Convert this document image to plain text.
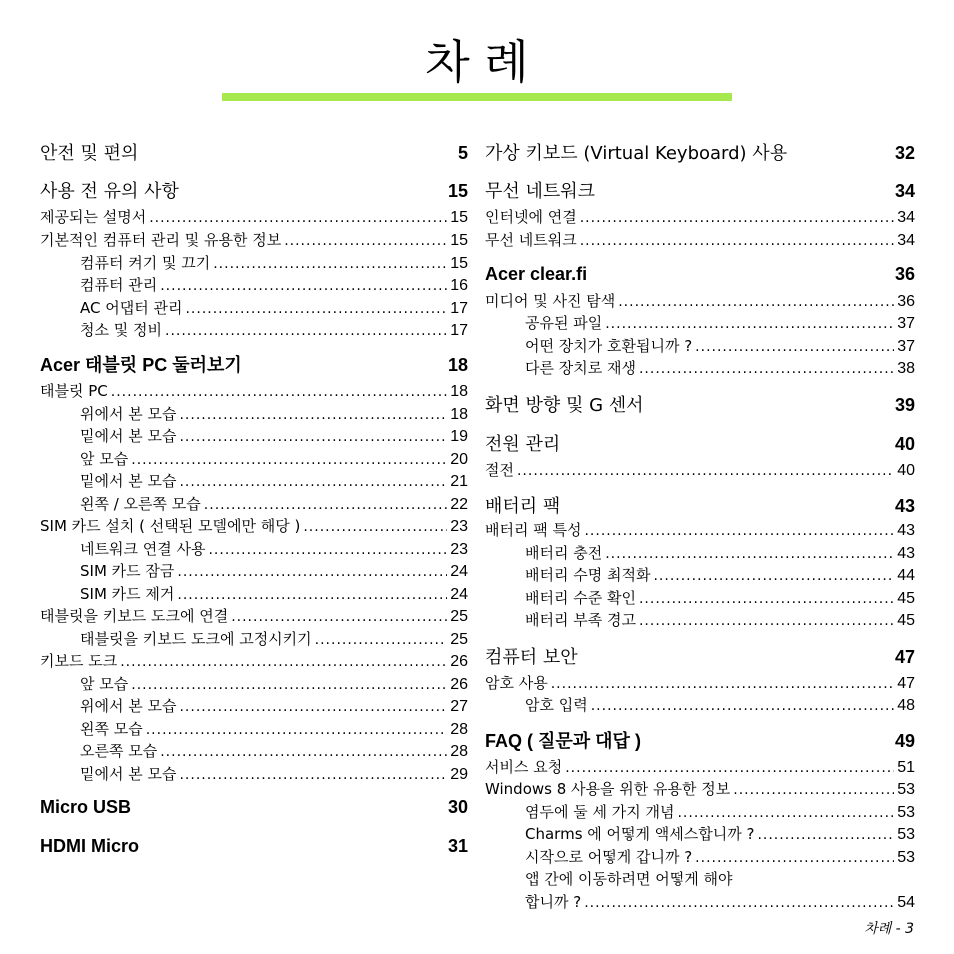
차 례
안전 및 편의	5
사용 전 유의 사항	15
제공되는 설명서 .....	15
기본적인 컴퓨터 관리 및 유용한 정보 .....	15
컴퓨터 켜기 및 끄기 .....	15
컴퓨터 관리 .....	16
AC 어댑터 관리 .....	17
청소 및 정비 .....	17
Acer 태블릿 PC 둘러보기	18
태블릿 PC .....	18
위에서 본 모습 .....	18
밑에서 본 모습 .....	19
앞 모습 .....	20
밑에서 본 모습 .....	21
왼쪽 / 오른쪽 모습 .....	22
SIM 카드 설치 ( 선택된 모델에만 해당 ) .....	23
네트워크 연결 사용 .....	23
SIM 카드 잠금 .....	24
SIM 카드 제거 .....	24
태블릿을 키보드 도크에 연결 .....	25
태블릿을 키보드 도크에 고정시키기 .....	25
키보드 도크 .....	26
앞 모습 .....	26
위에서 본 모습 .....	27
왼쪽 모습 .....	28
오른쪽 모습 .....	28
밑에서 본 모습 .....	29
Micro USB	30
HDMI Micro	31
가상 키보드 (Virtual Keyboard) 사용	32
무선 네트워크	34
인터넷에 연결 .....	34
무선 네트워크 .....	34
Acer clear.fi	36
미디어 및 사진 탐색 .....	36
공유된 파일 .....	37
어떤 장치가 호환됩니까 ? .....	37
다른 장치로 재생 .....	38
화면 방향 및 G 센서	39
전원 관리	40
절전 .....	40
배터리 팩	43
배터리 팩 특성 .....	43
배터리 충전 .....	43
배터리 수명 최적화 .....	44
배터리 수준 확인 .....	45
배터리 부족 경고 .....	45
컴퓨터 보안	47
암호 사용 .....	47
암호 입력 .....	48
FAQ ( 질문과 대답 )	49
서비스 요청 .....	51
Windows 8 사용을 위한 유용한 정보 .....	53
염두에 둘 세 가지 개념 .....	53
Charms 에 어떻게 액세스합니까 ? .....	53
시작으로 어떻게 갑니까 ? .....	53
앱 간에 이동하려면 어떻게 해야
합니까 ? .....	54
차례 - 3
